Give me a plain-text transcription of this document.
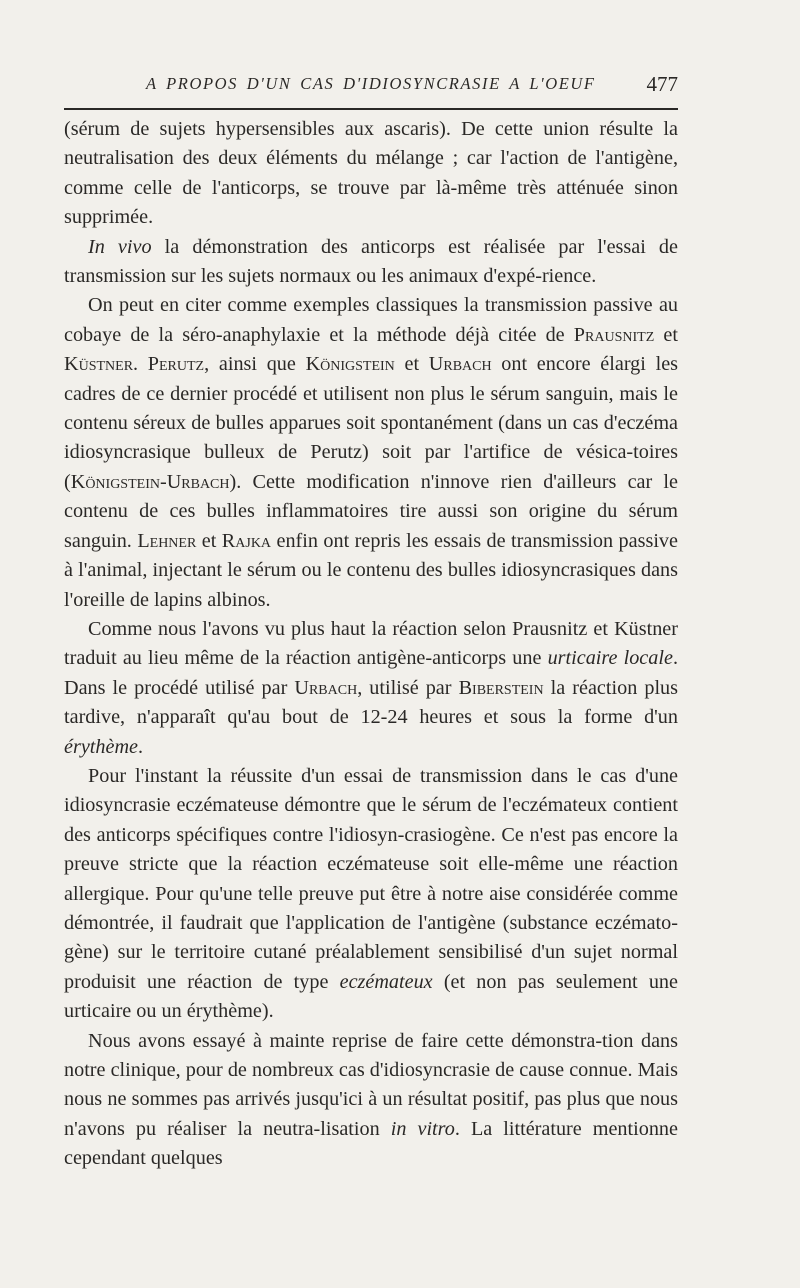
A PROPOS D'UN CAS D'IDIOSYNCRASIE A L'OEUF 477

(sérum de sujets hypersensibles aux ascaris). De cette union résulte la neutralisation des deux éléments du mélange ; car l'action de l'antigène, comme celle de l'anticorps, se trouve par là-même très atténuée sinon supprimée.

In vivo la démonstration des anticorps est réalisée par l'essai de transmission sur les sujets normaux ou les animaux d'expé-rience.

On peut en citer comme exemples classiques la transmission passive au cobaye de la séro-anaphylaxie et la méthode déjà citée de Prausnitz et Küstner. Perutz, ainsi que Königstein et Urbach ont encore élargi les cadres de ce dernier procédé et utilisent non plus le sérum sanguin, mais le contenu séreux de bulles apparues soit spontanément (dans un cas d'eczéma idiosyncrasique bulleux de Perutz) soit par l'artifice de vésica-toires (Königstein-Urbach). Cette modification n'innove rien d'ailleurs car le contenu de ces bulles inflammatoires tire aussi son origine du sérum sanguin. Lehner et Rajka enfin ont repris les essais de transmission passive à l'animal, injectant le sérum ou le contenu des bulles idiosyncrasiques dans l'oreille de lapins albinos.

Comme nous l'avons vu plus haut la réaction selon Prausnitz et Küstner traduit au lieu même de la réaction antigène-anticorps une urticaire locale. Dans le procédé utilisé par Urbach, utilisé par Biberstein la réaction plus tardive, n'apparaît qu'au bout de 12-24 heures et sous la forme d'un érythème.

Pour l'instant la réussite d'un essai de transmission dans le cas d'une idiosyncrasie eczémateuse démontre que le sérum de l'eczémateux contient des anticorps spécifiques contre l'idiosyn-crasiogène. Ce n'est pas encore la preuve stricte que la réaction eczémateuse soit elle-même une réaction allergique. Pour qu'une telle preuve put être à notre aise considérée comme démontrée, il faudrait que l'application de l'antigène (substance eczémato-gène) sur le territoire cutané préalablement sensibilisé d'un sujet normal produisit une réaction de type eczémateux (et non pas seulement une urticaire ou un érythème).

Nous avons essayé à mainte reprise de faire cette démonstra-tion dans notre clinique, pour de nombreux cas d'idiosyncrasie de cause connue. Mais nous ne sommes pas arrivés jusqu'ici à un résultat positif, pas plus que nous n'avons pu réaliser la neutra-lisation in vitro. La littérature mentionne cependant quelques
